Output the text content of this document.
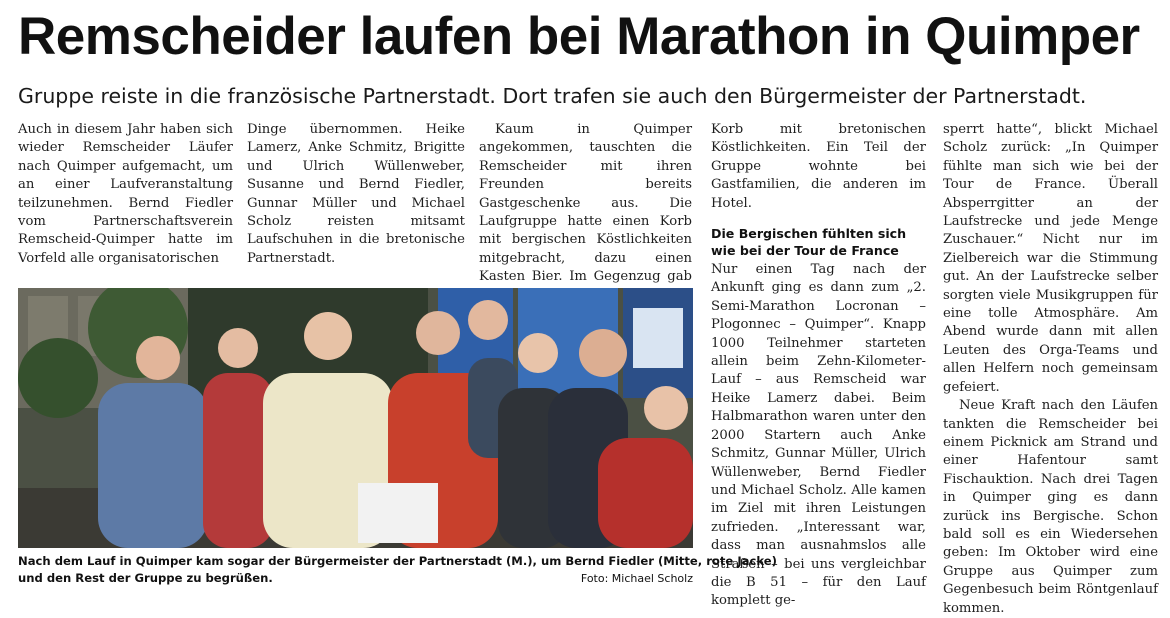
Remscheider laufen bei Marathon in Quimper
Gruppe reiste in die französische Partnerstadt. Dort trafen sie auch den Bürgermeister der Partnerstadt.

Auch in diesem Jahr haben sich wieder Remscheider Läufer nach Quimper aufgemacht, um an einer Laufveranstaltung teilzunehmen. Bernd Fiedler vom Partnerschaftsverein Remscheid-Quimper hatte im Vorfeld alle organisatorischen

Dinge übernommen. Heike Lamerz, Anke Schmitz, Brigitte und Ulrich Wüllenweber, Susanne und Bernd Fiedler, Gunnar Müller und Michael Scholz reisten mitsamt Laufschuhen in die bretonische Partnerstadt.

Kaum in Quimper angekommen, tauschten die Remscheider mit ihren Freunden bereits Gastgeschenke aus. Die Laufgruppe hatte einen Korb mit bergischen Köstlichkeiten mitgebracht, dazu einen Kasten Bier. Im Gegenzug gab

Korb mit bretonischen Köstlichkeiten. Ein Teil der Gruppe wohnte bei Gastfamilien, die anderen im Hotel.

Die Bergischen fühlten sich wie bei der Tour de France

Nur einen Tag nach der Ankunft ging es dann zum „2. Semi-Marathon Locronan – Plogonnec – Quimper“. Knapp 1000 Teilnehmer starteten allein beim Zehn-Kilometer-Lauf – aus Remscheid war Heike Lamerz dabei. Beim Halbmarathon waren unter den 2000 Startern auch Anke Schmitz, Gunnar Müller, Ulrich Wüllenweber, Bernd Fiedler und Michael Scholz. Alle kamen im Ziel mit ihren Leistungen zufrieden. „Interessant war, dass man ausnahmslos alle Straßen – bei uns vergleichbar die B 51 – für den Lauf komplett ge-

sperrt hatte“, blickt Michael Scholz zurück: „In Quimper fühlte man sich wie bei der Tour de France. Überall Absperrgitter an der Laufstrecke und jede Menge Zuschauer.“ Nicht nur im Zielbereich war die Stimmung gut. An der Laufstrecke selber sorgten viele Musikgruppen für eine tolle Atmosphäre. Am Abend wurde dann mit allen Leuten des Orga-Teams und allen Helfern noch gemeinsam gefeiert.

Neue Kraft nach den Läufen tankten die Remscheider bei einem Picknick am Strand und einer Hafentour samt Fischauktion. Nach drei Tagen in Quimper ging es dann zurück ins Bergische. Schon bald soll es ein Wiedersehen geben: Im Oktober wird eine Gruppe aus Quimper zum Gegenbesuch beim Röntgenlauf kommen.

Nach dem Lauf in Quimper kam sogar der Bürgermeister der Partnerstadt (M.), um Bernd Fiedler (Mitte, rote Jacke)
und den Rest der Gruppe zu begrüßen.	Foto: Michael Scholz
